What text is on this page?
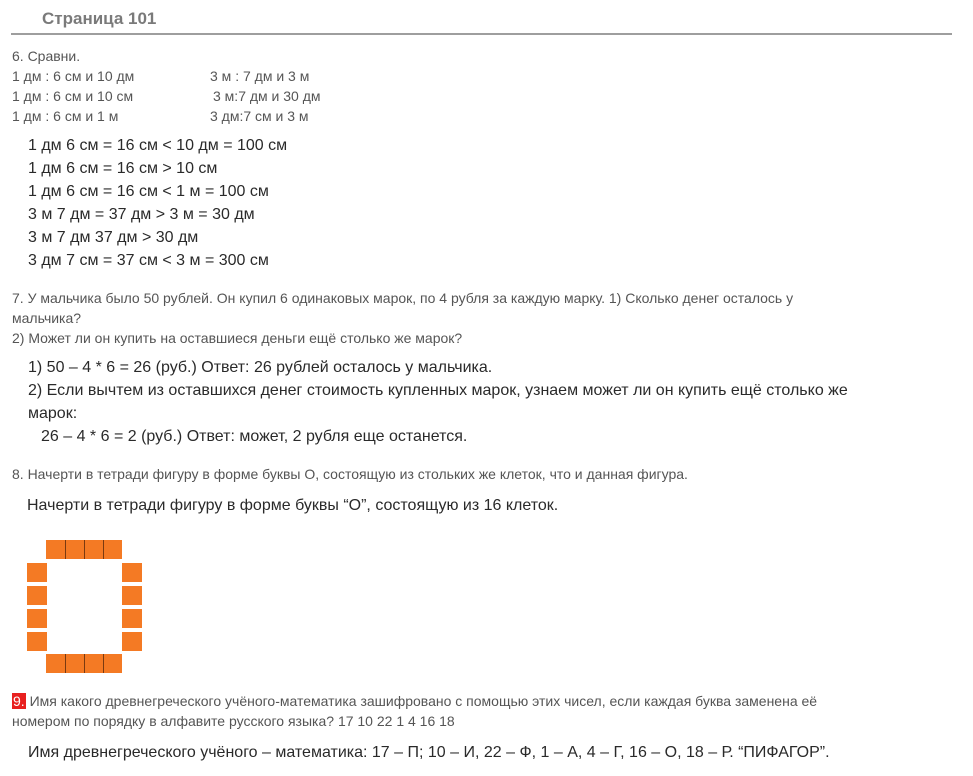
Страница 101
6. Сравни.
1 дм : 6 см и 10 дм	3 м : 7 дм и 3 м
1 дм : 6 см и 10 см	3 м:7 дм и 30 дм
1 дм : 6 см и 1 м	3 дм:7 см и 3 м
1 дм 6 см = 16 см < 10 дм = 100 см
1 дм 6 см = 16 см > 10 см
1 дм 6 см = 16 см < 1 м = 100 см
3 м 7 дм = 37 дм > 3 м = 30 дм
3 м 7 дм 37 дм > 30 дм
3 дм 7 см = 37 см < 3 м = 300 см
7. У мальчика было 50 рублей. Он купил 6 одинаковых марок, по 4 рубля за каждую марку. 1) Сколько денег осталось у
мальчика?
2) Может ли он купить на оставшиеся деньги ещё столько же марок?
1) 50 – 4 * 6 = 26 (руб.) Ответ: 26 рублей осталось у мальчика.
2) Если вычтем из оставшихся денег стоимость купленных марок, узнаем может ли он купить ещё столько же
марок:
26 – 4 * 6 = 2 (руб.) Ответ: может, 2 рубля еще останется.
8. Начерти в тетради фигуру в форме буквы О, состоящую из стольких же клеток, что и данная фигура.
Начерти в тетради фигуру в форме буквы “О”, состоящую из 16 клеток.
9. Имя какого древнегреческого учёного-математика зашифровано с помощью этих чисел, если каждая буква заменена её
номером по порядку в алфавите русского языка? 17 10 22 1 4 16 18
Имя древнегреческого учёного – математика: 17 – П; 10 – И, 22 – Ф, 1 – А, 4 – Г, 16 – О, 18 – Р. “ПИФАГОР”.
